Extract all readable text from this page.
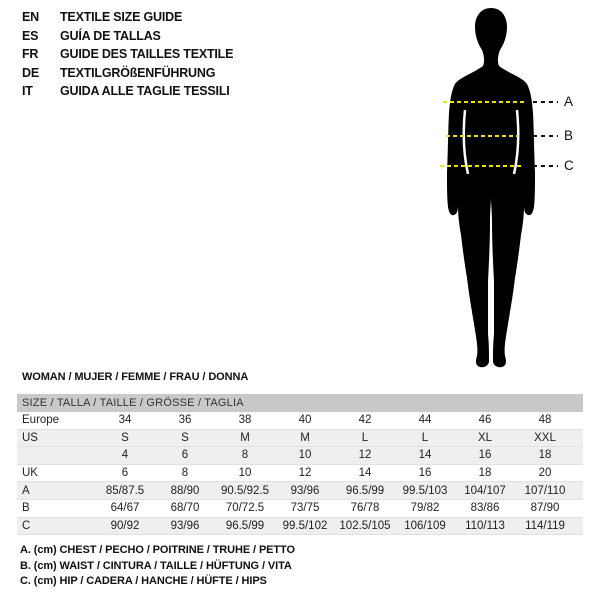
EN	TEXTILE SIZE GUIDE
ES	GUÍA DE TALLAS
FR	GUIDE DES TAILLES TEXTILE
DE	TEXTILGRÖßENFÜHRUNG
IT	GUIDA ALLE TAGLIE TESSILI
A
B
C
WOMAN / MUJER / FEMME / FRAU / DONNA
SIZE / TALLA / TAILLE / GRÖSSE / TAGLIA
Europe	34	36	38	40	42	44	46	48	
US	S	S	M	M	L	L	XL	XXL	
	4	6	8	10	12	14	16	18	
UK	6	8	10	12	14	16	18	20	
A	85/87.5	88/90	90.5/92.5	93/96	96.5/99	99.5/103	104/107	107/110	
B	64/67	68/70	70/72.5	73/75	76/78	79/82	83/86	87/90	
C	90/92	93/96	96.5/99	99.5/102	102.5/105	106/109	110/113	114/119	
A. (cm) CHEST / PECHO / POITRINE / TRUHE / PETTO
B. (cm) WAIST / CINTURA / TAILLE / HÜFTUNG / VITA
C. (cm) HIP / CADERA / HANCHE / HÜFTE / HIPS
